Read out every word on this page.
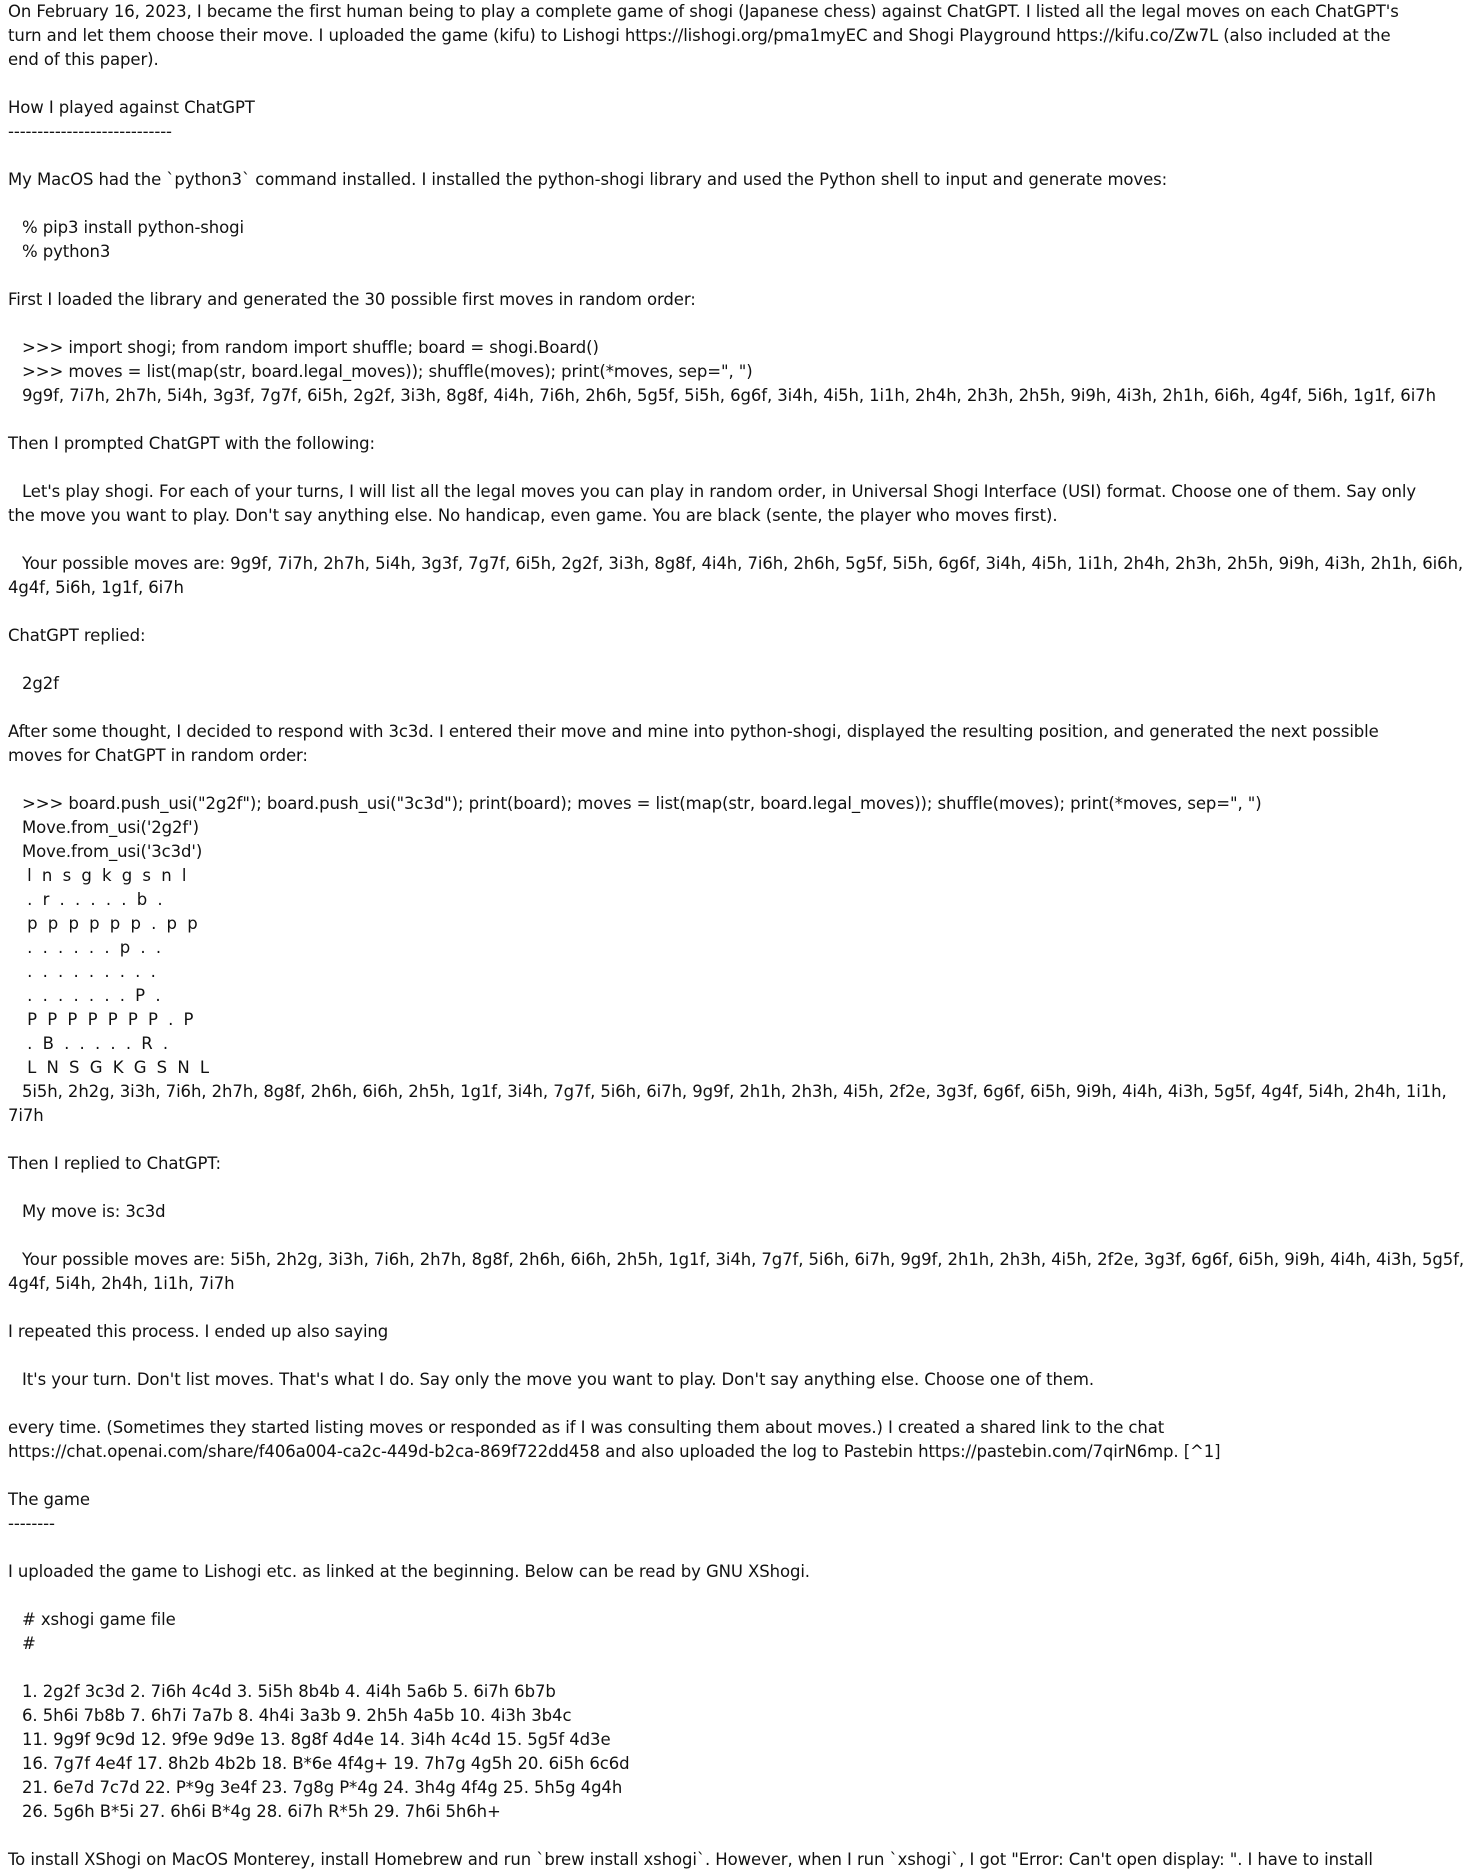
On February 16, 2023, I became the first human being to play a complete game of shogi (Japanese chess) against ChatGPT. I listed all the legal moves on each ChatGPT's
turn and let them choose their move. I uploaded the game (kifu) to Lishogi https://lishogi.org/pma1myEC and Shogi Playground https://kifu.co/Zw7L (also included at the
end of this paper).
How I played against ChatGPT
----------------------------
My MacOS had the `python3` command installed. I installed the python-shogi library and used the Python shell to input and generate moves:
% pip3 install python-shogi
% python3
First I loaded the library and generated the 30 possible first moves in random order:
>>> import shogi; from random import shuffle; board = shogi.Board()
>>> moves = list(map(str, board.legal_moves)); shuffle(moves); print(*moves, sep=", ")
9g9f, 7i7h, 2h7h, 5i4h, 3g3f, 7g7f, 6i5h, 2g2f, 3i3h, 8g8f, 4i4h, 7i6h, 2h6h, 5g5f, 5i5h, 6g6f, 3i4h, 4i5h, 1i1h, 2h4h, 2h3h, 2h5h, 9i9h, 4i3h, 2h1h, 6i6h, 4g4f, 5i6h, 1g1f, 6i7h
Then I prompted ChatGPT with the following:
Let's play shogi. For each of your turns, I will list all the legal moves you can play in random order, in Universal Shogi Interface (USI) format. Choose one of them. Say only
the move you want to play. Don't say anything else. No handicap, even game. You are black (sente, the player who moves first).
Your possible moves are: 9g9f, 7i7h, 2h7h, 5i4h, 3g3f, 7g7f, 6i5h, 2g2f, 3i3h, 8g8f, 4i4h, 7i6h, 2h6h, 5g5f, 5i5h, 6g6f, 3i4h, 4i5h, 1i1h, 2h4h, 2h3h, 2h5h, 9i9h, 4i3h, 2h1h, 6i6h,
4g4f, 5i6h, 1g1f, 6i7h
ChatGPT replied:
2g2f
After some thought, I decided to respond with 3c3d. I entered their move and mine into python-shogi, displayed the resulting position, and generated the next possible
moves for ChatGPT in random order:
>>> board.push_usi("2g2f"); board.push_usi("3c3d"); print(board); moves = list(map(str, board.legal_moves)); shuffle(moves); print(*moves, sep=", ")
Move.from_usi('2g2f')
Move.from_usi('3c3d')
l  n  s  g  k  g  s  n  l
.  r  .  .  .  .  .  b  .
p  p  p  p  p  p  .  p  p
.  .  .  .  .  .  p  .  .
.  .  .  .  .  .  .  .  .
.  .  .  .  .  .  .  P  .
P  P  P  P  P  P  P  .  P
.  B  .  .  .  .  .  R  .
L  N  S  G  K  G  S  N  L
5i5h, 2h2g, 3i3h, 7i6h, 2h7h, 8g8f, 2h6h, 6i6h, 2h5h, 1g1f, 3i4h, 7g7f, 5i6h, 6i7h, 9g9f, 2h1h, 2h3h, 4i5h, 2f2e, 3g3f, 6g6f, 6i5h, 9i9h, 4i4h, 4i3h, 5g5f, 4g4f, 5i4h, 2h4h, 1i1h,
7i7h
Then I replied to ChatGPT:
My move is: 3c3d
Your possible moves are: 5i5h, 2h2g, 3i3h, 7i6h, 2h7h, 8g8f, 2h6h, 6i6h, 2h5h, 1g1f, 3i4h, 7g7f, 5i6h, 6i7h, 9g9f, 2h1h, 2h3h, 4i5h, 2f2e, 3g3f, 6g6f, 6i5h, 9i9h, 4i4h, 4i3h, 5g5f,
4g4f, 5i4h, 2h4h, 1i1h, 7i7h
I repeated this process. I ended up also saying
It's your turn. Don't list moves. That's what I do. Say only the move you want to play. Don't say anything else. Choose one of them.
every time. (Sometimes they started listing moves or responded as if I was consulting them about moves.) I created a shared link to the chat
https://chat.openai.com/share/f406a004-ca2c-449d-b2ca-869f722dd458 and also uploaded the log to Pastebin https://pastebin.com/7qirN6mp. [^1]
The game
--------
I uploaded the game to Lishogi etc. as linked at the beginning. Below can be read by GNU XShogi.
# xshogi game file
#
1. 2g2f 3c3d 2. 7i6h 4c4d 3. 5i5h 8b4b 4. 4i4h 5a6b 5. 6i7h 6b7b
6. 5h6i 7b8b 7. 6h7i 7a7b 8. 4h4i 3a3b 9. 2h5h 4a5b 10. 4i3h 3b4c
11. 9g9f 9c9d 12. 9f9e 9d9e 13. 8g8f 4d4e 14. 3i4h 4c4d 15. 5g5f 4d3e
16. 7g7f 4e4f 17. 8h2b 4b2b 18. B*6e 4f4g+ 19. 7h7g 4g5h 20. 6i5h 6c6d
21. 6e7d 7c7d 22. P*9g 3e4f 23. 7g8g P*4g 24. 3h4g 4f4g 25. 5h5g 4g4h
26. 5g6h B*5i 27. 6h6i B*4g 28. 6i7h R*5h 29. 7h6i 5h6h+
To install XShogi on MacOS Monterey, install Homebrew and run `brew install xshogi`. However, when I run `xshogi`, I got "Error: Can't open display: ". I have to install
